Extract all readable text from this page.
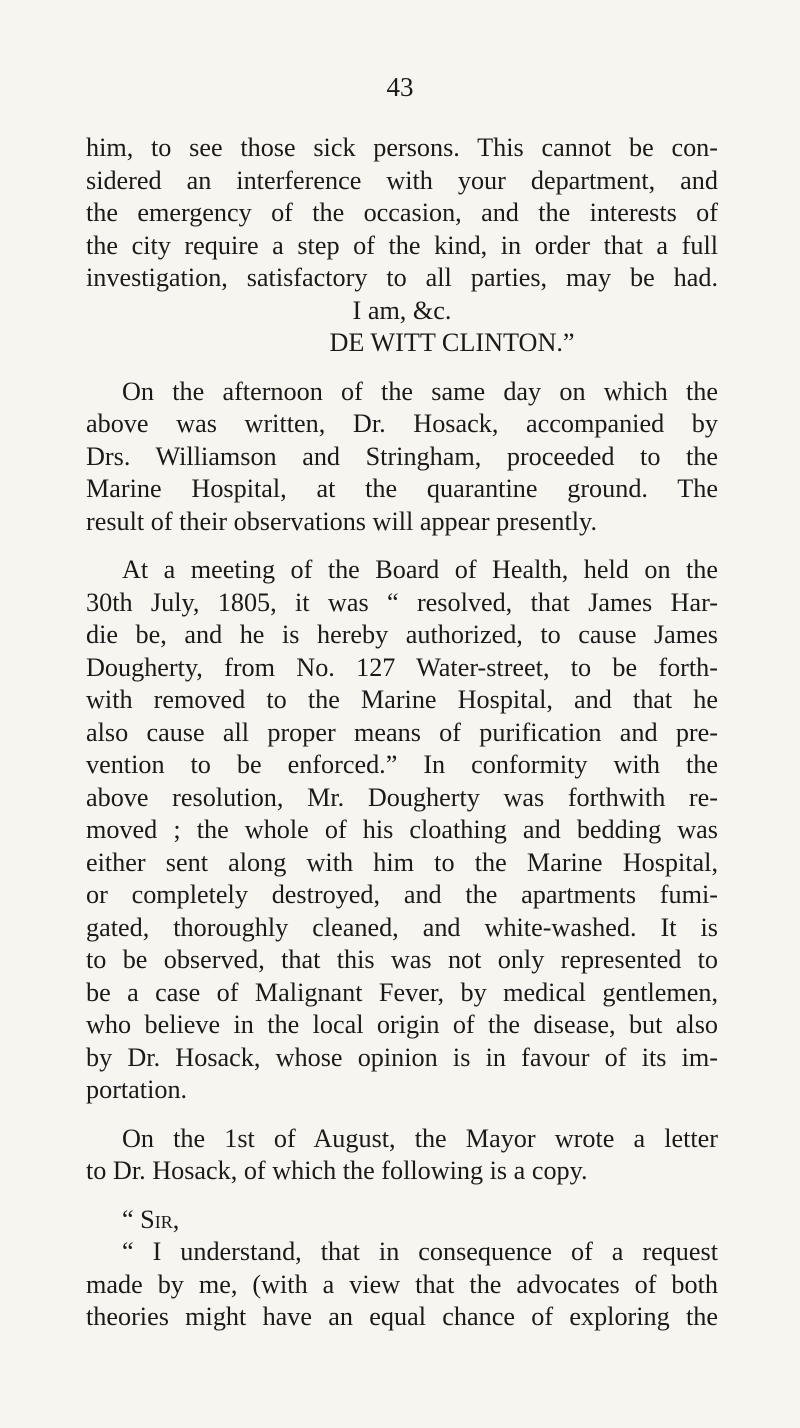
43
him, to see those sick persons. This cannot be con-
sidered an interference with your department, and
the emergency of the occasion, and the interests of
the city require a step of the kind, in order that a full
investigation, satisfactory to all parties, may be had.
I am, &c.
DE WITT CLINTON.”
On the afternoon of the same day on which the
above was written, Dr. Hosack, accompanied by
Drs. Williamson and Stringham, proceeded to the
Marine Hospital, at the quarantine ground. The
result of their observations will appear presently.
At a meeting of the Board of Health, held on the
30th July, 1805, it was “ resolved, that James Har-
die be, and he is hereby authorized, to cause James
Dougherty, from No. 127 Water-street, to be forth-
with removed to the Marine Hospital, and that he
also cause all proper means of purification and pre-
vention to be enforced.” In conformity with the
above resolution, Mr. Dougherty was forthwith re-
moved ; the whole of his cloathing and bedding was
either sent along with him to the Marine Hospital,
or completely destroyed, and the apartments fumi-
gated, thoroughly cleaned, and white-washed. It is
to be observed, that this was not only represented to
be a case of Malignant Fever, by medical gentlemen,
who believe in the local origin of the disease, but also
by Dr. Hosack, whose opinion is in favour of its im-
portation.
On the 1st of August, the Mayor wrote a letter
to Dr. Hosack, of which the following is a copy.
“ Sir,
“ I understand, that in consequence of a request
made by me, (with a view that the advocates of both
theories might have an equal chance of exploring the
